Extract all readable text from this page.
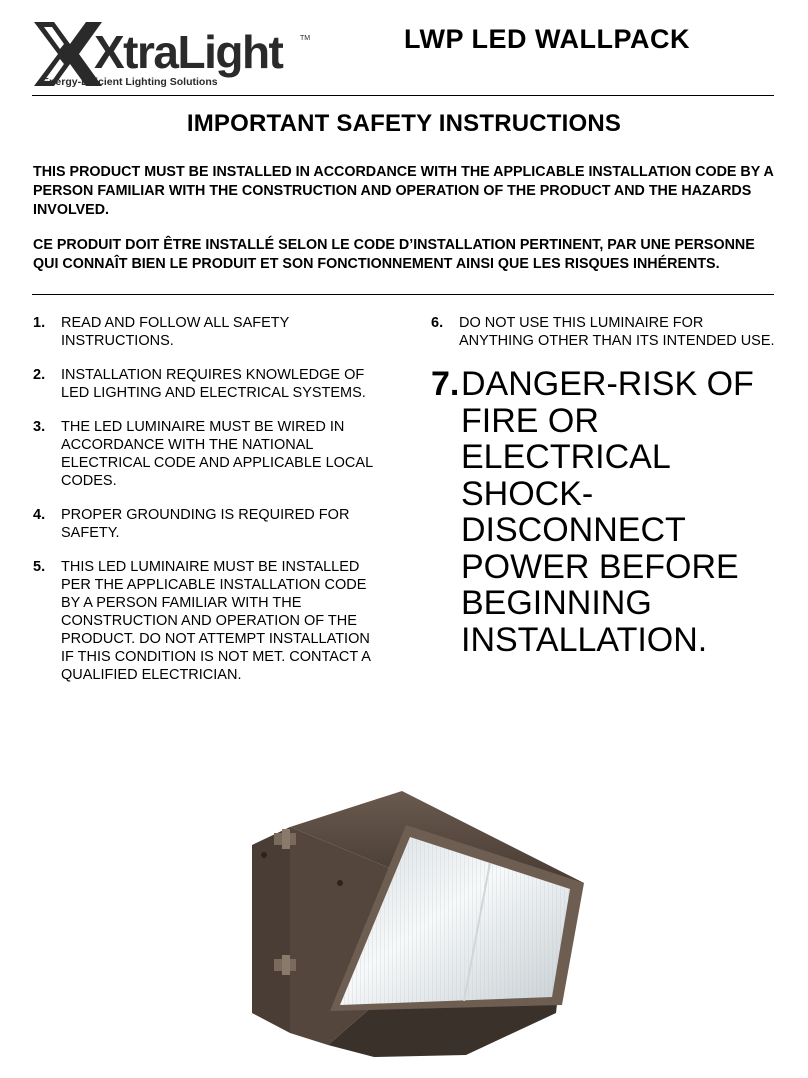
XtraLight	TM
Energy-Efficient Lighting Solutions
LWP LED WALLPACK
IMPORTANT SAFETY INSTRUCTIONS

THIS PRODUCT MUST BE INSTALLED IN ACCORDANCE WITH THE APPLICABLE INSTALLATION CODE BY A PERSON FAMILIAR WITH THE CONSTRUCTION AND OPERATION OF THE PRODUCT AND THE HAZARDS INVOLVED.

CE PRODUIT DOIT ÊTRE INSTALLÉ SELON LE CODE D’INSTALLATION PERTINENT, PAR UNE PERSONNE QUI CONNAÎT BIEN LE PRODUIT ET SON FONCTIONNEMENT AINSI QUE LES RISQUES INHÉRENTS.

1.	READ AND FOLLOW ALL SAFETY INSTRUCTIONS.
2.	INSTALLATION REQUIRES KNOWLEDGE OF LED LIGHTING AND ELECTRICAL SYSTEMS.
3.	THE LED LUMINAIRE MUST BE WIRED IN ACCORDANCE WITH THE NATIONAL ELECTRICAL CODE AND APPLICABLE LOCAL CODES.
4.	PROPER GROUNDING IS REQUIRED FOR SAFETY.
5.	THIS LED LUMINAIRE MUST BE INSTALLED PER THE APPLICABLE INSTALLATION CODE BY A PERSON FAMILIAR WITH THE CONSTRUCTION AND OPERATION OF THE PRODUCT. DO NOT ATTEMPT INSTALLATION IF THIS CONDITION IS NOT MET. CONTACT A QUALIFIED ELECTRICIAN.
6.	DO NOT USE THIS LUMINAIRE FOR ANYTHING OTHER THAN ITS INTENDED USE.
7. DANGER-RISK OF FIRE OR ELECTRICAL SHOCK-DISCONNECT POWER BEFORE BEGINNING INSTALLATION.
